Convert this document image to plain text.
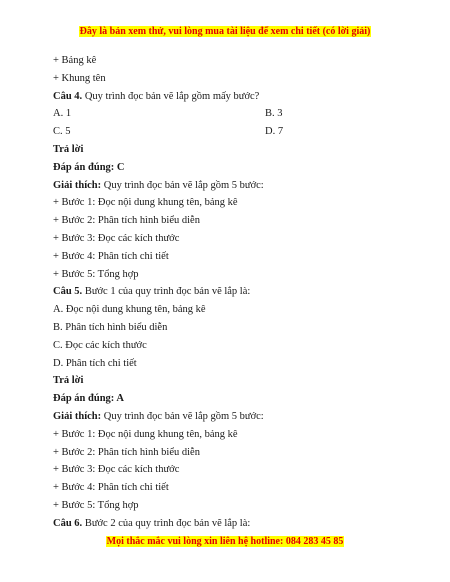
Đây là bản xem thử, vui lòng mua tài liệu để xem chi tiết (có lời giải)
+ Bảng kê
+ Khung tên
Câu 4. Quy trình đọc bản vẽ lắp gồm mấy bước?
A. 1	B. 3
C. 5	D. 7
Trả lời
Đáp án đúng: C
Giải thích: Quy trình đọc bản vẽ lắp gồm 5 bước:
+ Bước 1: Đọc nội dung khung tên, bảng kê
+ Bước 2: Phân tích hình biểu diễn
+ Bước 3: Đọc các kích thước
+ Bước 4: Phân tích chi tiết
+ Bước 5: Tổng hợp
Câu 5. Bước 1 của quy trình đọc bản vẽ lắp là:
A. Đọc nội dung khung tên, bảng kê
B. Phân tích hình biểu diễn
C. Đọc các kích thước
D. Phân tích chi tiết
Trả lời
Đáp án đúng: A
Giải thích: Quy trình đọc bản vẽ lắp gồm 5 bước:
+ Bước 1: Đọc nội dung khung tên, bảng kê
+ Bước 2: Phân tích hình biểu diễn
+ Bước 3: Đọc các kích thước
+ Bước 4: Phân tích chi tiết
+ Bước 5: Tổng hợp
Câu 6. Bước 2 của quy trình đọc bản vẽ lắp là:
Mọi thắc mắc vui lòng xin liên hệ hotline: 084 283 45 85
